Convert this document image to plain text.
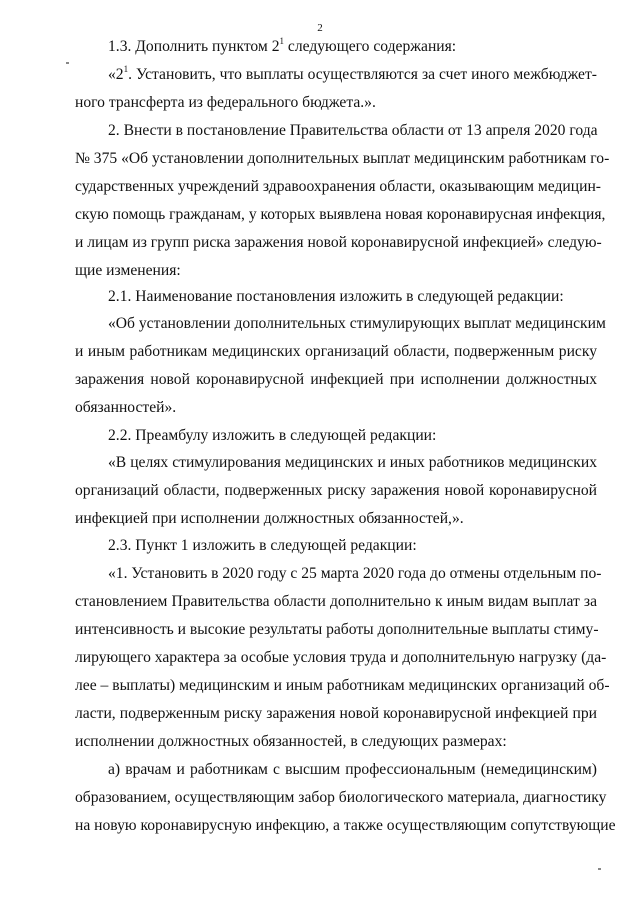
2
1.3. Дополнить пунктом $2^1$ следующего содержания:
«$2^1$. Установить, что выплаты осуществляются за счет иного межбюджет-
ного трансферта из федерального бюджета.».
2. Внести в постановление Правительства области от 13 апреля 2020 года
№ 375 «Об установлении дополнительных выплат медицинским работникам го-
сударственных учреждений здравоохранения области, оказывающим медицин-
скую помощь гражданам, у которых выявлена новая коронавирусная инфекция,
и лицам из групп риска заражения новой коронавирусной инфекцией» следую-
щие изменения:
2.1. Наименование постановления изложить в следующей редакции:
«Об установлении дополнительных стимулирующих выплат медицинским
и иным работникам медицинских организаций области, подверженным риску
заражения новой коронавирусной инфекцией при исполнении должностных
обязанностей».
2.2. Преамбулу изложить в следующей редакции:
«В целях стимулирования медицинских и иных работников медицинских
организаций области, подверженных риску заражения новой коронавирусной
инфекцией при исполнении должностных обязанностей,».
2.3. Пункт 1 изложить в следующей редакции:
«1. Установить в 2020 году с 25 марта 2020 года до отмены отдельным по-
становлением Правительства области дополнительно к иным видам выплат за
интенсивность и высокие результаты работы дополнительные выплаты стиму-
лирующего характера за особые условия труда и дополнительную нагрузку (да-
лее – выплаты) медицинским и иным работникам медицинских организаций об-
ласти, подверженным риску заражения новой коронавирусной инфекцией при
исполнении должностных обязанностей, в следующих размерах:
а) врачам и работникам с высшим профессиональным (немедицинским)
образованием, осуществляющим забор биологического материала, диагностику
на новую коронавирусную инфекцию, а также осуществляющим сопутствующие
